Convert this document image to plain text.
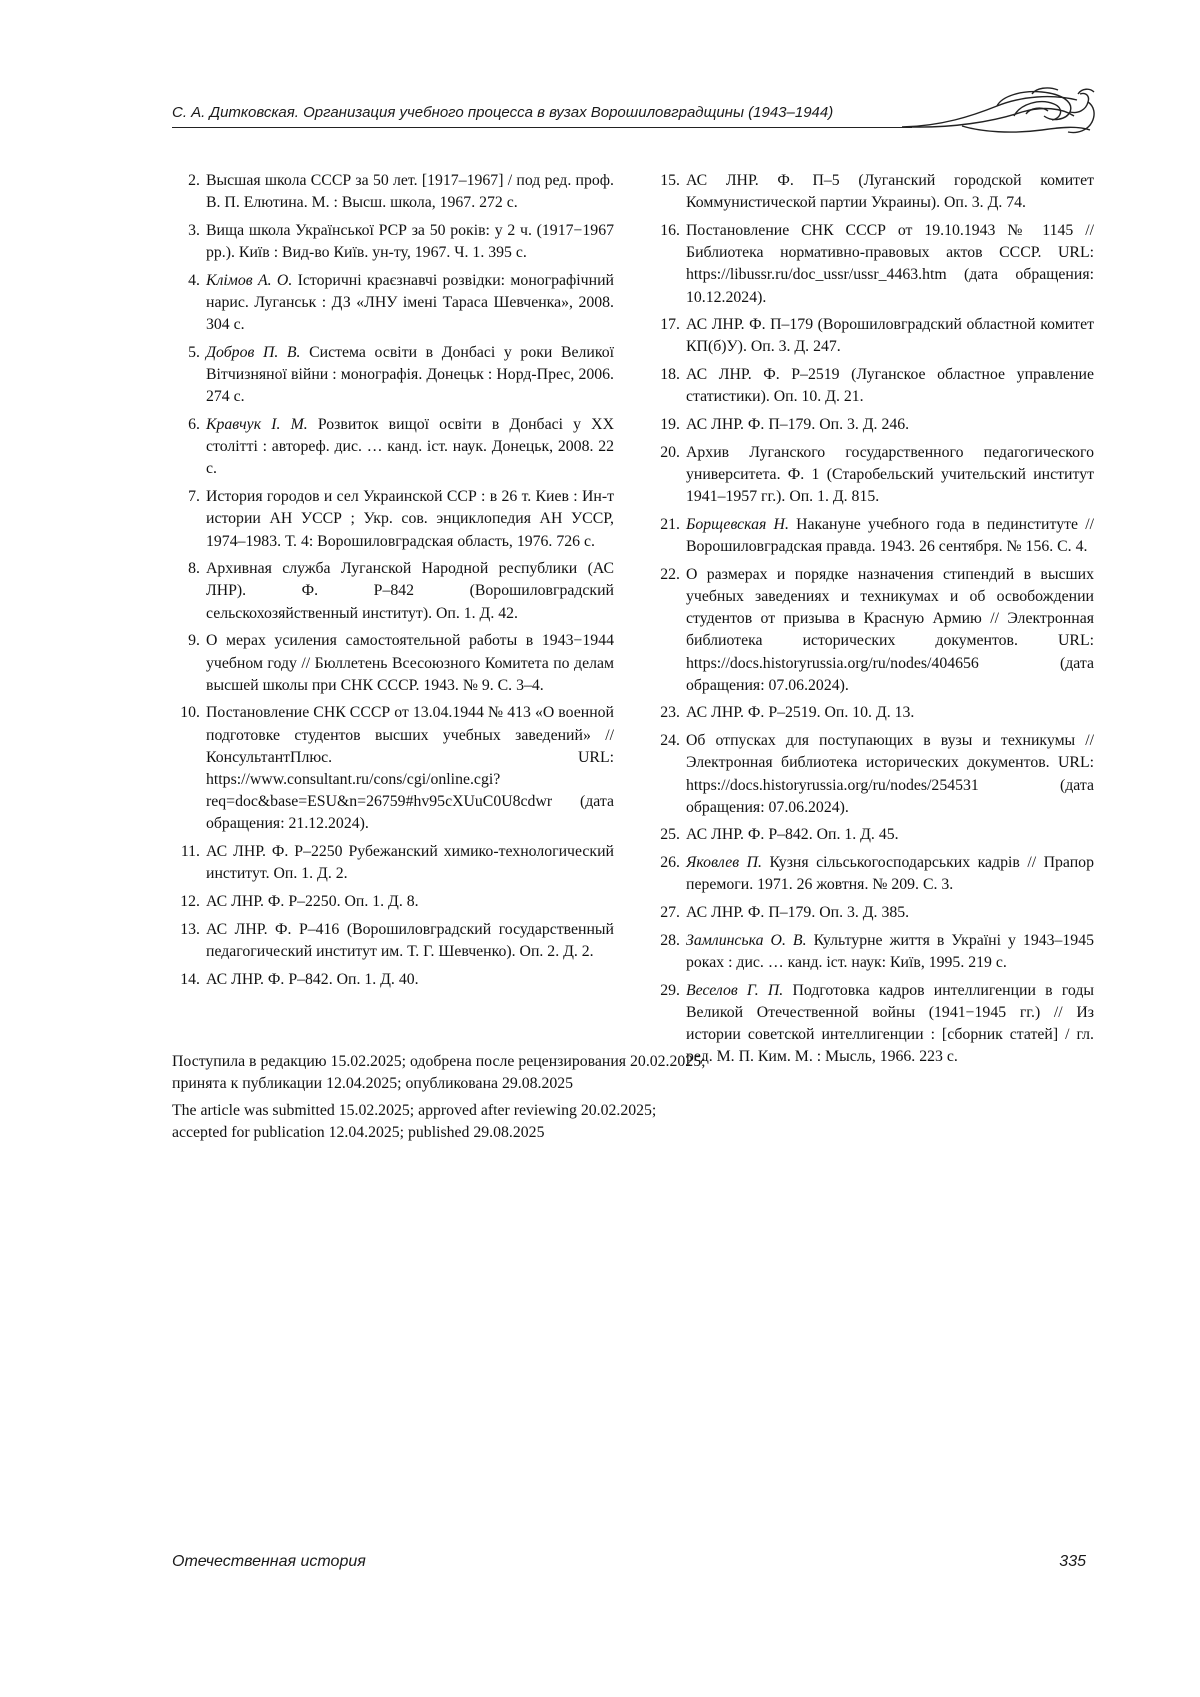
С. А. Дитковская. Организация учебного процесса в вузах Ворошиловградщины (1943–1944)
2. Высшая школа СССР за 50 лет. [1917–1967] / под ред. проф. В. П. Елютина. М. : Высш. школа, 1967. 272 с.
3. Вища школа Української РСР за 50 років: у 2 ч. (1917−1967 рр.). Київ : Вид-во Київ. ун-ту, 1967. Ч. 1. 395 с.
4. Клімов А. О. Історичні краєзнавчі розвідки: монографічний нарис. Луганськ : ДЗ «ЛНУ імені Тараса Шевченка», 2008. 304 с.
5. Добров П. В. Система освіти в Донбасі у роки Великої Вітчизняної війни : монографія. Донецьк : Норд-Прес, 2006. 274 с.
6. Кравчук І. М. Розвиток вищої освіти в Донбасі у ХХ столітті : автореф. дис. … канд. іст. наук. Донецьк, 2008. 22 с.
7. История городов и сел Украинской ССР : в 26 т. Киев : Ин-т истории АН УССР ; Укр. сов. энциклопедия АН УССР, 1974–1983. Т. 4: Ворошиловградская область, 1976. 726 с.
8. Архивная служба Луганской Народной республики (АС ЛНР). Ф. Р–842 (Ворошиловградский сельскохозяйственный институт). Оп. 1. Д. 42.
9. О мерах усиления самостоятельной работы в 1943−1944 учебном году // Бюллетень Всесоюзного Комитета по делам высшей школы при СНК СССР. 1943. № 9. С. 3–4.
10. Постановление СНК СССР от 13.04.1944 № 413 «О военной подготовке студентов высших учебных заведений» // КонсультантПлюс. URL: https://www.consultant.ru/cons/cgi/online.cgi?req=doc&base=ESU&n=26759#hv95cXUuC0U8cdwr (дата обращения: 21.12.2024).
11. АС ЛНР. Ф. Р–2250 Рубежанский химико-технологический институт. Оп. 1. Д. 2.
12. АС ЛНР. Ф. Р–2250. Оп. 1. Д. 8.
13. АС ЛНР. Ф. Р–416 (Ворошиловградский государственный педагогический институт им. Т. Г. Шевченко). Оп. 2. Д. 2.
14. АС ЛНР. Ф. Р–842. Оп. 1. Д. 40.
15. АС ЛНР. Ф. П–5 (Луганский городской комитет Коммунистической партии Украины). Оп. 3. Д. 74.
16. Постановление СНК СССР от 19.10.1943 № 1145 // Библиотека нормативно-правовых актов СССР. URL: https://libussr.ru/doc_ussr/ussr_4463.htm (дата обращения: 10.12.2024).
17. АС ЛНР. Ф. П–179 (Ворошиловградский областной комитет КП(б)У). Оп. 3. Д. 247.
18. АС ЛНР. Ф. Р–2519 (Луганское областное управление статистики). Оп. 10. Д. 21.
19. АС ЛНР. Ф. П–179. Оп. 3. Д. 246.
20. Архив Луганского государственного педагогического университета. Ф. 1 (Старобельский учительский институт 1941–1957 гг.). Оп. 1. Д. 815.
21. Борщевская Н. Накануне учебного года в пединституте // Ворошиловградская правда. 1943. 26 сентября. № 156. С. 4.
22. О размерах и порядке назначения стипендий в высших учебных заведениях и техникумах и об освобождении студентов от призыва в Красную Армию // Электронная библиотека исторических документов. URL: https://docs.historyrussia.org/ru/nodes/404656 (дата обращения: 07.06.2024).
23. АС ЛНР. Ф. Р–2519. Оп. 10. Д. 13.
24. Об отпусках для поступающих в вузы и техникумы // Электронная библиотека исторических документов. URL: https://docs.historyrussia.org/ru/nodes/254531 (дата обращения: 07.06.2024).
25. АС ЛНР. Ф. Р–842. Оп. 1. Д. 45.
26. Яковлев П. Кузня сільськогосподарських кадрів // Прапор перемоги. 1971. 26 жовтня. № 209. С. 3.
27. АС ЛНР. Ф. П–179. Оп. 3. Д. 385.
28. Замлинська О. В. Культурне життя в Україні у 1943–1945 роках : дис. … канд. іст. наук: Київ, 1995. 219 с.
29. Веселов Г. П. Подготовка кадров интеллигенции в годы Великой Отечественной войны (1941−1945 гг.) // Из истории советской интеллигенции : [сборник статей] / гл. ред. М. П. Ким. М. : Мысль, 1966. 223 с.

Поступила в редакцию 15.02.2025; одобрена после рецензирования 20.02.2025;
принята к публикации 12.04.2025; опубликована 29.08.2025

The article was submitted 15.02.2025; approved after reviewing 20.02.2025;
accepted for publication 12.04.2025; published 29.08.2025

Отечественная история	335
